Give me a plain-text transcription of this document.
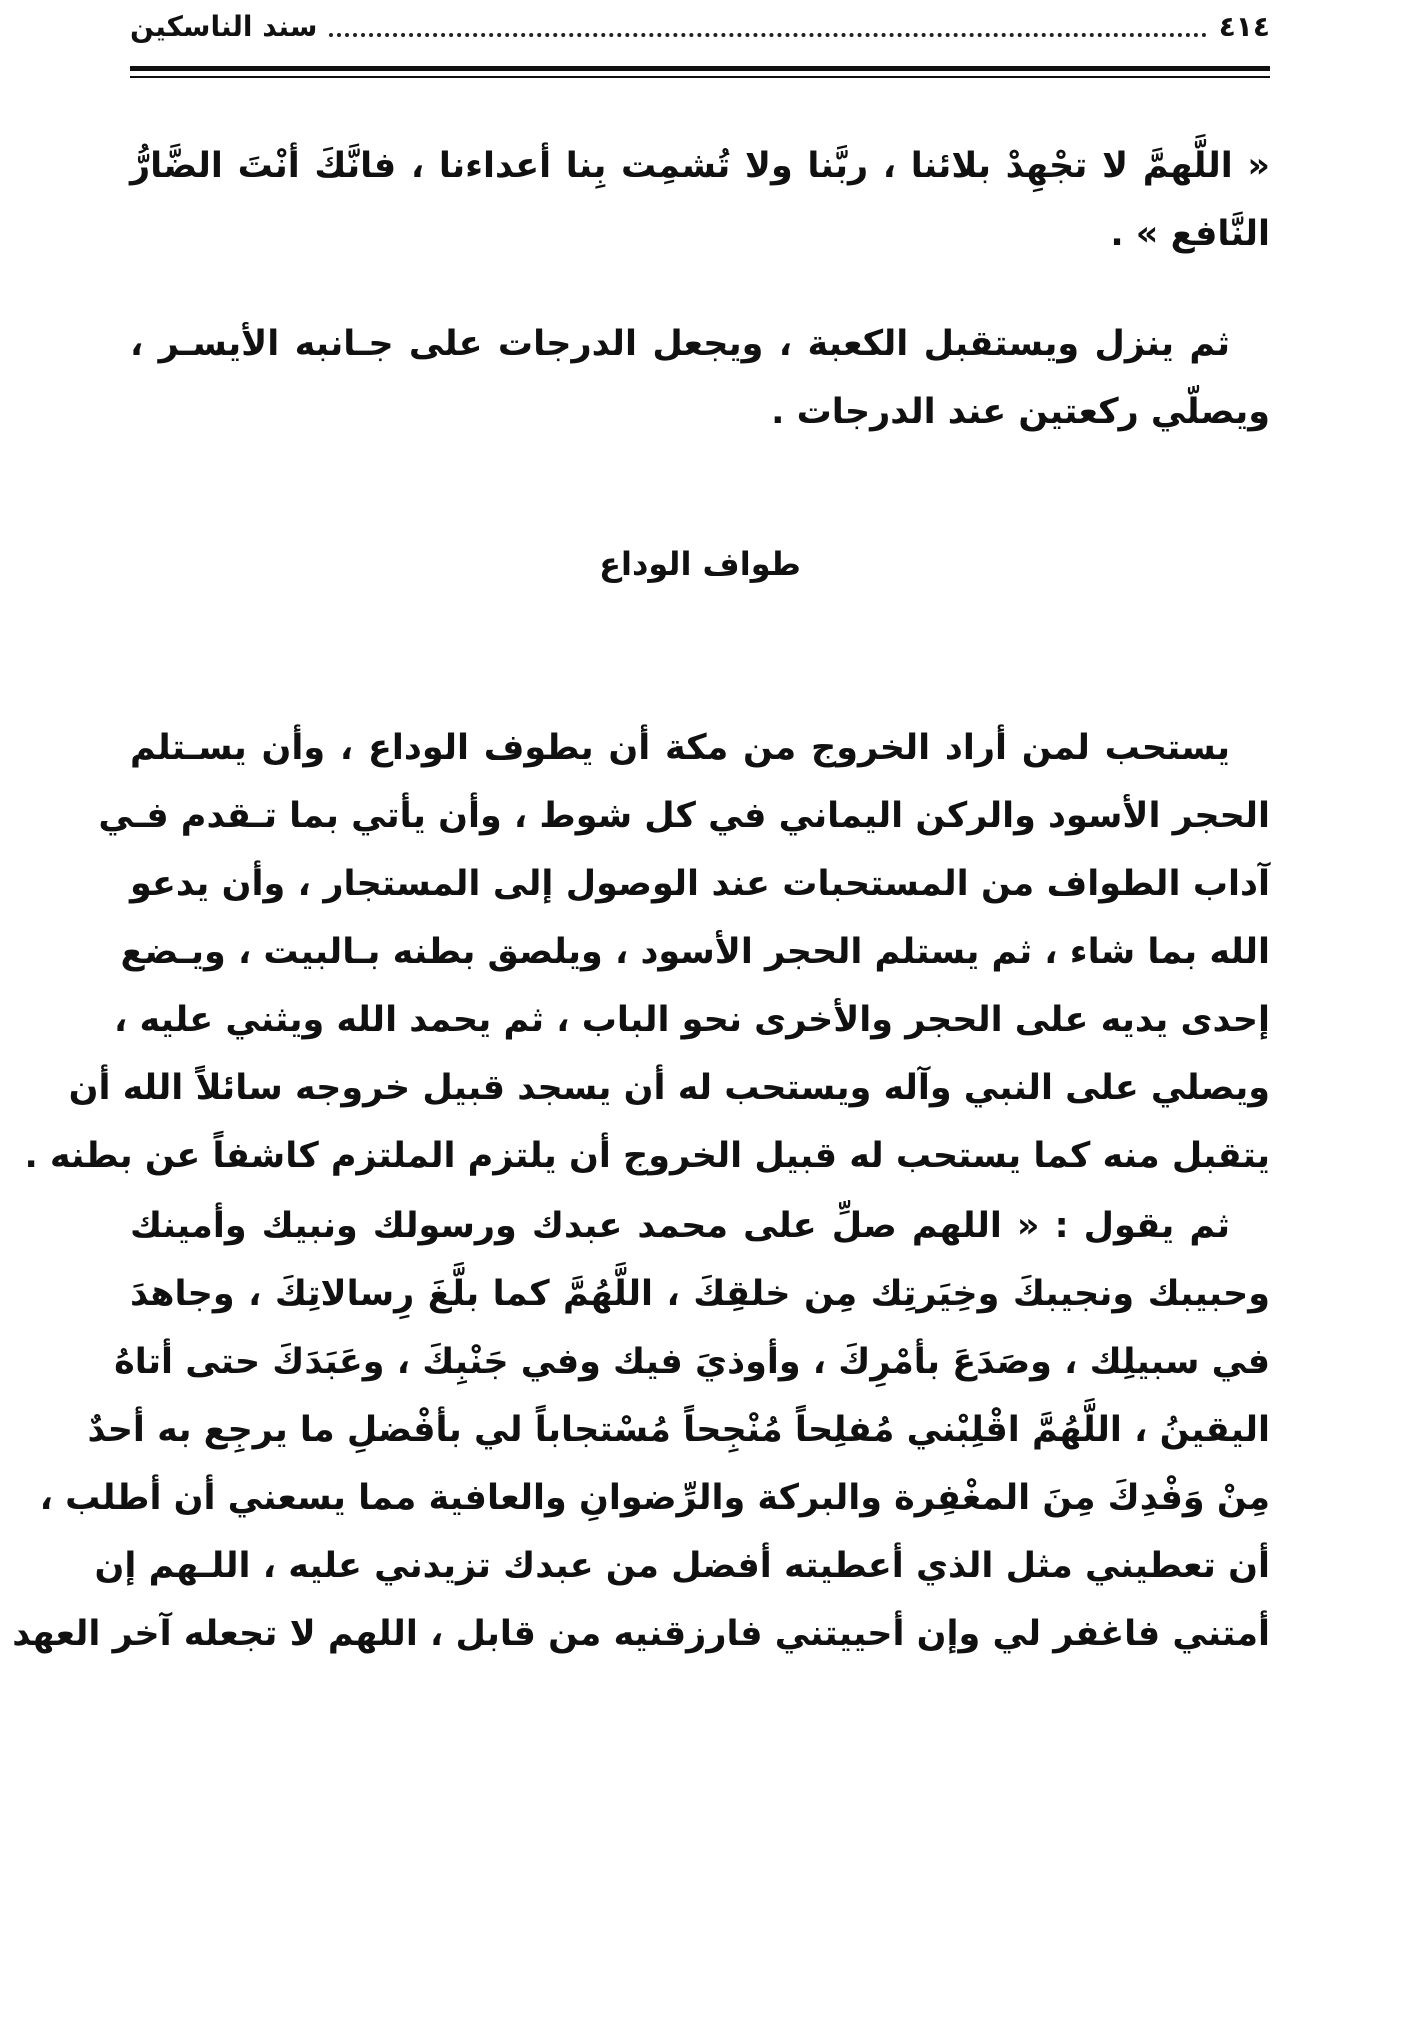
٤١٤
سند الناسكين
« اللَّهمَّ لا تجْهِدْ بلائنا ، ربَّنا ولا تُشمِت بِنا أعداءنا ، فانَّكَ أنْتَ الضَّارُّ
النَّافع » .
ثم ينزل ويستقبل الكعبة ، ويجعل الدرجات على جـانبه الأيسـر ،
ويصلّي ركعتين عند الدرجات .
طواف الوداع
يستحب لمن أراد الخروج من مكة أن يطوف الوداع ، وأن يسـتلم
الحجر الأسود والركن اليماني في كل شوط ، وأن يأتي بما تـقدم فـي
آداب الطواف من المستحبات عند الوصول إلى المستجار ، وأن يدعو
الله بما شاء ، ثم يستلم الحجر الأسود ، ويلصق بطنه بـالبيت ، ويـضع
إحدى يديه على الحجر والأخرى نحو الباب ، ثم يحمد الله ويثني عليه ،
ويصلي على النبي وآله ويستحب له أن يسجد قبيل خروجه سائلاً الله أن
يتقبل منه كما يستحب له قبيل الخروج أن يلتزم الملتزم كاشفاً عن بطنه .
ثم يقول : « اللهم صلِّ على محمد عبدك ورسولك ونبيك وأمينك
وحبيبك ونجيبكَ وخِيَرتِك مِن خلقِكَ ، اللَّهُمَّ كما بلَّغَ رِسالاتِكَ ، وجاهدَ
في سبيلِك ، وصَدَعَ بأمْرِكَ ، وأوذيَ فيك وفي جَنْبِكَ ، وعَبَدَكَ حتى أتاهُ
اليقينُ ، اللَّهُمَّ اقْلِبْني مُفلِحاً مُنْجِحاً مُسْتجاباً لي بأفْضلِ ما يرجِع به أحدٌ
مِنْ وَفْدِكَ مِنَ المغْفِرة والبركة والرِّضوانِ والعافية مما يسعني أن أطلب ،
أن تعطيني مثل الذي أعطيته أفضل من عبدك تزيدني عليه ، اللـهم إن
أمتني فاغفر لي وإن أحييتني فارزقنيه من قابل ، اللهم لا تجعله آخر العهد
